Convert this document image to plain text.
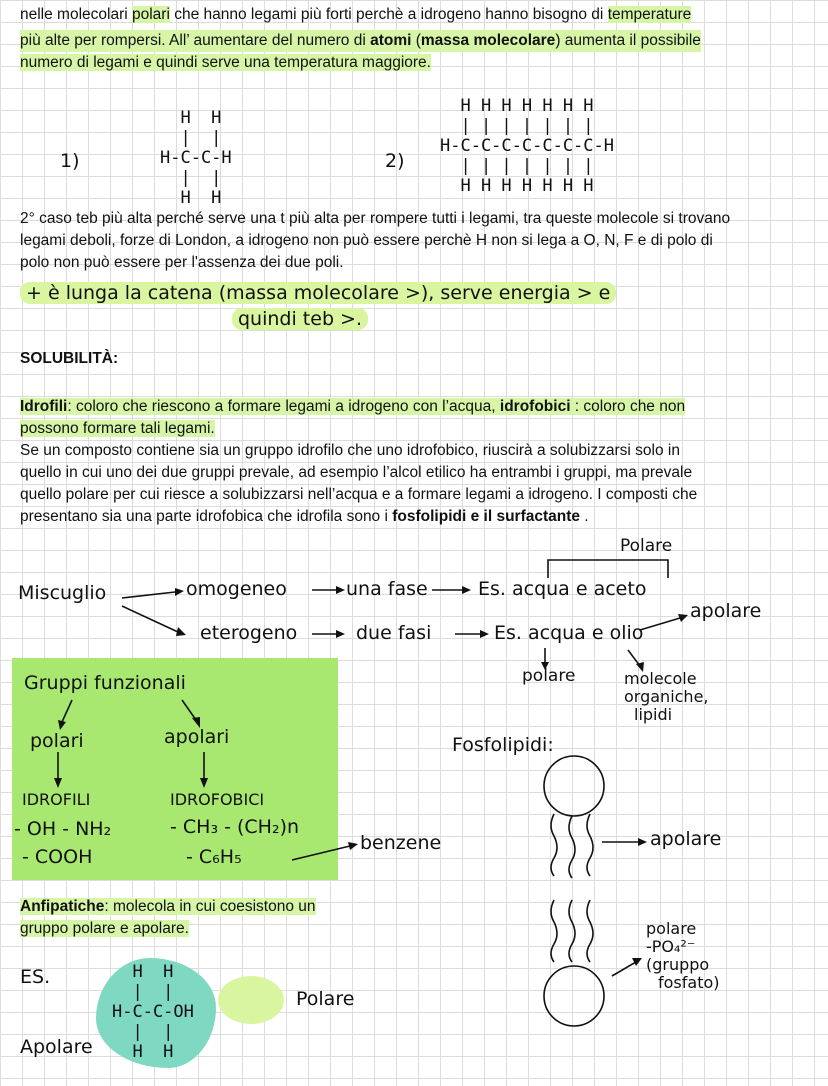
nelle molecolari polari che hanno legami più forti perchè a idrogeno hanno bisogno di temperature
più alte per rompersi. All’ aumentare del numero di atomi (massa molecolare) aumenta il possibile
numero di legami e quindi serve una temperatura maggiore.
1)
H  H
|  |
H-C-C-H
|  |
H  H
2)
H H H H H H H
| | | | | | |
H-C-C-C-C-C-C-C-H
| | | | | | |
H H H H H H H
2° caso teb più alta perché serve una t più alta per rompere tutti i legami, tra queste molecole si trovano
legami deboli, forze di London, a idrogeno non può essere perchè H non si lega a O, N, F e di polo di
polo non può essere per l'assenza dei due poli.
+ è lunga la catena (massa molecolare >), serve energia > e
quindi teb >.
SOLUBILITÀ:
Idrofili: coloro che riescono a formare legami a idrogeno con l’acqua, idrofobici : coloro che non
possono formare tali legami.
Se un composto contiene sia un gruppo idrofilo che uno idrofobico, riuscirà a solubizzarsi solo in
quello in cui uno dei due gruppi prevale, ad esempio l’alcol etilico ha entrambi i gruppi, ma prevale
quello polare per cui riesce a solubizzarsi nell’acqua e a formare legami a idrogeno. I composti che
presentano sia una parte idrofobica che idrofila sono i fosfolipidi e il surfactante .
Miscuglio	omogeneo	una fase	Es. acqua e aceto
Polare
eterogeno	due fasi	Es. acqua e olio
apolare
polare	molecole
organiche,
lipidi
Gruppi funzionali
polari	apolari
IDROFILI	IDROFOBICI
- OH - NH₂
- COOH
- CH₃ - (CH₂)n
- C₆H₅
benzene
Fosfolipidi:
apolare
polare
-PO₄²⁻
(gruppo
fosfato)
Anfipatiche: molecola in cui coesistono un
gruppo polare e apolare.
ES.	H  H
|  |
H-C-C-OH
|  |
H  H
Polare
Apolare
